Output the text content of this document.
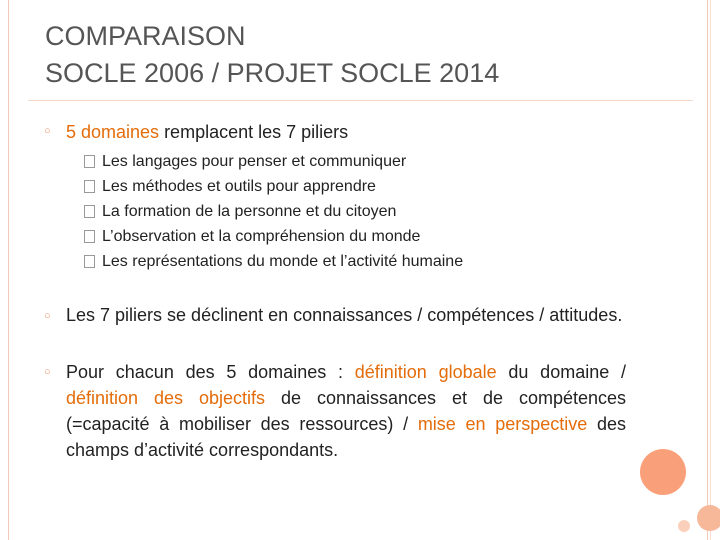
COMPARAISON
SOCLE 2006 / PROJET SOCLE 2014
○ 5 domaines remplacent les 7 piliers
Les langages pour penser et communiquer
Les méthodes et outils pour apprendre
La formation de la personne et du citoyen
L’observation et la compréhension du monde
Les représentations du monde et l’activité humaine
○ Les 7 piliers se déclinent en connaissances / compétences / attitudes.
○ Pour chacun des 5 domaines : définition globale du domaine / définition des objectifs de connaissances et de compétences (=capacité à mobiliser des ressources) / mise en perspective des champs d’activité correspondants.
